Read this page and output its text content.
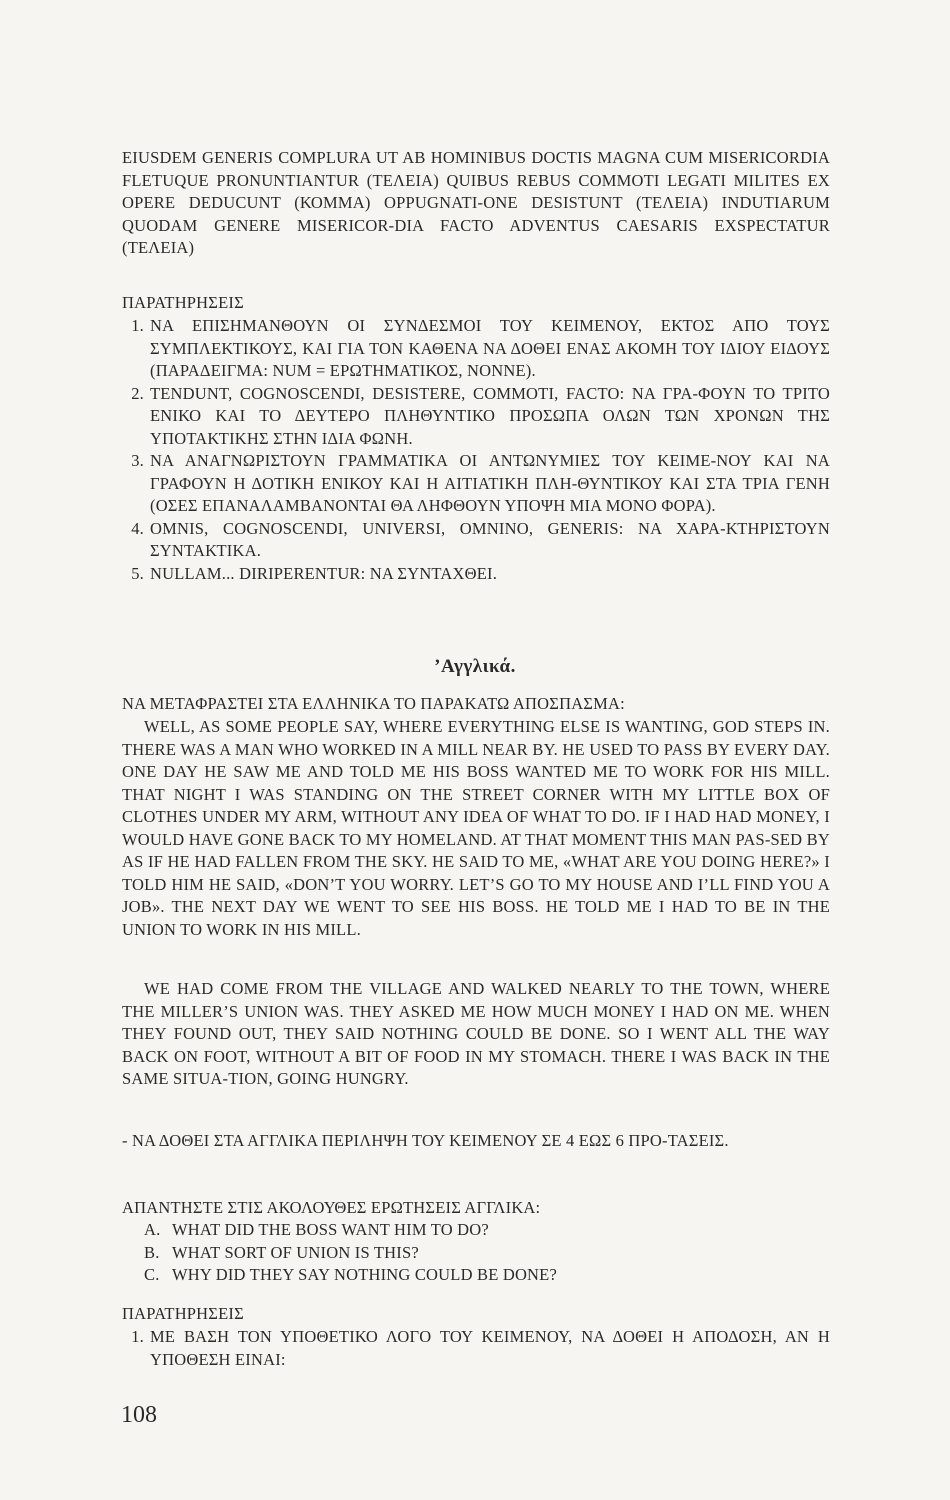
EIUSDEM GENERIS COMPLURA UT AB HOMINIBUS DOCTIS MAGNA CUM MISERICORDIA FLETUQUE PRONUNTIANTUR (ΤΕΛΕΙΑ) QUIBUS REBUS COMMOTI LEGATI MILITES EX OPERE DEDUCUNT (ΚΟΜΜΑ) OPPUGNATI-ONE DESISTUNT (ΤΕΛΕΙΑ) INDUTIARUM QUODAM GENERE MISERICOR-DIA FACTO ADVENTUS CAESARIS EXSPECTATUR (ΤΕΛΕΙΑ)
ΠΑΡΑΤΗΡΗΣΕΙΣ
1. ΝΑ ΕΠΙΣΗΜΑΝΘΟΥΝ ΟΙ ΣΥΝΔΕΣΜΟΙ ΤΟΥ ΚΕΙΜΕΝΟΥ, ΕΚΤΟΣ ΑΠΟ ΤΟΥΣ ΣΥΜΠΛΕΚΤΙΚΟΥΣ, ΚΑΙ ΓΙΑ ΤΟΝ ΚΑΘΕΝΑ ΝΑ ΔΟΘΕΙ ΕΝΑΣ ΑΚΟΜΗ ΤΟΥ ΙΔΙΟΥ ΕΙΔΟΥΣ (ΠΑΡΑΔΕΙΓΜΑ: NUM = ΕΡΩΤΗΜΑΤΙΚΟΣ, NONNE).
2. TENDUNT, COGNOSCENDI, DESISTERE, COMMOTI, FACTO: ΝΑ ΓΡΑ-ΦΟΥΝ ΤΟ ΤΡΙΤΟ ΕΝΙΚΟ ΚΑΙ ΤΟ ΔΕΥΤΕΡΟ ΠΛΗΘΥΝΤΙΚΟ ΠΡΟΣΩΠΑ ΟΛΩΝ ΤΩΝ ΧΡΟΝΩΝ ΤΗΣ ΥΠΟΤΑΚΤΙΚΗΣ ΣΤΗΝ ΙΔΙΑ ΦΩΝΗ.
3. ΝΑ ΑΝΑΓΝΩΡΙΣΤΟΥΝ ΓΡΑΜΜΑΤΙΚΑ ΟΙ ΑΝΤΩΝΥΜΙΕΣ ΤΟΥ ΚΕΙΜΕ-ΝΟΥ ΚΑΙ ΝΑ ΓΡΑΦΟΥΝ Η ΔΟΤΙΚΗ ΕΝΙΚΟΥ ΚΑΙ Η ΑΙΤΙΑΤΙΚΗ ΠΛΗ-ΘΥΝΤΙΚΟΥ ΚΑΙ ΣΤΑ ΤΡΙΑ ΓΕΝΗ (ΟΣΕΣ ΕΠΑΝΑΛΑΜΒΑΝΟΝΤΑΙ ΘΑ ΛΗΦΘΟΥΝ ΥΠΟΨΗ ΜΙΑ ΜΟΝΟ ΦΟΡΑ).
4. OMNIS, COGNOSCENDI, UNIVERSI, OMNINO, GENERIS: ΝΑ ΧΑΡΑ-ΚΤΗΡΙΣΤΟΥΝ ΣΥΝΤΑΚΤΙΚΑ.
5. NULLAM... DIRIPERENTUR: ΝΑ ΣΥΝΤΑΧΘΕΙ.
’Αγγλικά.
ΝΑ ΜΕΤΑΦΡΑΣΤΕΙ ΣΤΑ ΕΛΛΗΝΙΚΑ ΤΟ ΠΑΡΑΚΑΤΩ ΑΠΟΣΠΑΣΜΑ:
WELL, AS SOME PEOPLE SAY, WHERE EVERYTHING ELSE IS WANTING, GOD STEPS IN. THERE WAS A MAN WHO WORKED IN A MILL NEAR BY. HE USED TO PASS BY EVERY DAY. ONE DAY HE SAW ME AND TOLD ME HIS BOSS WANTED ME TO WORK FOR HIS MILL. THAT NIGHT I WAS STANDING ON THE STREET CORNER WITH MY LITTLE BOX OF CLOTHES UNDER MY ARM, WITHOUT ANY IDEA OF WHAT TO DO. IF I HAD HAD MONEY, I WOULD HAVE GONE BACK TO MY HOMELAND. AT THAT MOMENT THIS MAN PAS-SED BY AS IF HE HAD FALLEN FROM THE SKY. HE SAID TO ME, «WHAT ARE YOU DOING HERE?» I TOLD HIM HE SAID, «DON’T YOU WORRY. LET’S GO TO MY HOUSE AND I’LL FIND YOU A JOB». THE NEXT DAY WE WENT TO SEE HIS BOSS. HE TOLD ME I HAD TO BE IN THE UNION TO WORK IN HIS MILL.
WE HAD COME FROM THE VILLAGE AND WALKED NEARLY TO THE TOWN, WHERE THE MILLER’S UNION WAS. THEY ASKED ME HOW MUCH MONEY I HAD ON ME. WHEN THEY FOUND OUT, THEY SAID NOTHING COULD BE DONE. SO I WENT ALL THE WAY BACK ON FOOT, WITHOUT A BIT OF FOOD IN MY STOMACH. THERE I WAS BACK IN THE SAME SITUA-TION, GOING HUNGRY.
- ΝΑ ΔΟΘΕΙ ΣΤΑ ΑΓΓΛΙΚΑ ΠΕΡΙΛΗΨΗ ΤΟΥ ΚΕΙΜΕΝΟΥ ΣΕ 4 ΕΩΣ 6 ΠΡΟ-ΤΑΣΕΙΣ.
ΑΠΑΝΤΗΣΤΕ ΣΤΙΣ ΑΚΟΛΟΥΘΕΣ ΕΡΩΤΗΣΕΙΣ ΑΓΓΛΙΚΑ:
A. WHAT DID THE BOSS WANT HIM TO DO?
B. WHAT SORT OF UNION IS THIS?
C. WHY DID THEY SAY NOTHING COULD BE DONE?
ΠΑΡΑΤΗΡΗΣΕΙΣ
1. ΜΕ ΒΑΣΗ ΤΟΝ ΥΠΟΘΕΤΙΚΟ ΛΟΓΟ ΤΟΥ ΚΕΙΜΕΝΟΥ, ΝΑ ΔΟΘΕΙ Η ΑΠΟΔΟΣΗ, ΑΝ Η ΥΠΟΘΕΣΗ ΕΙΝΑΙ:
108
